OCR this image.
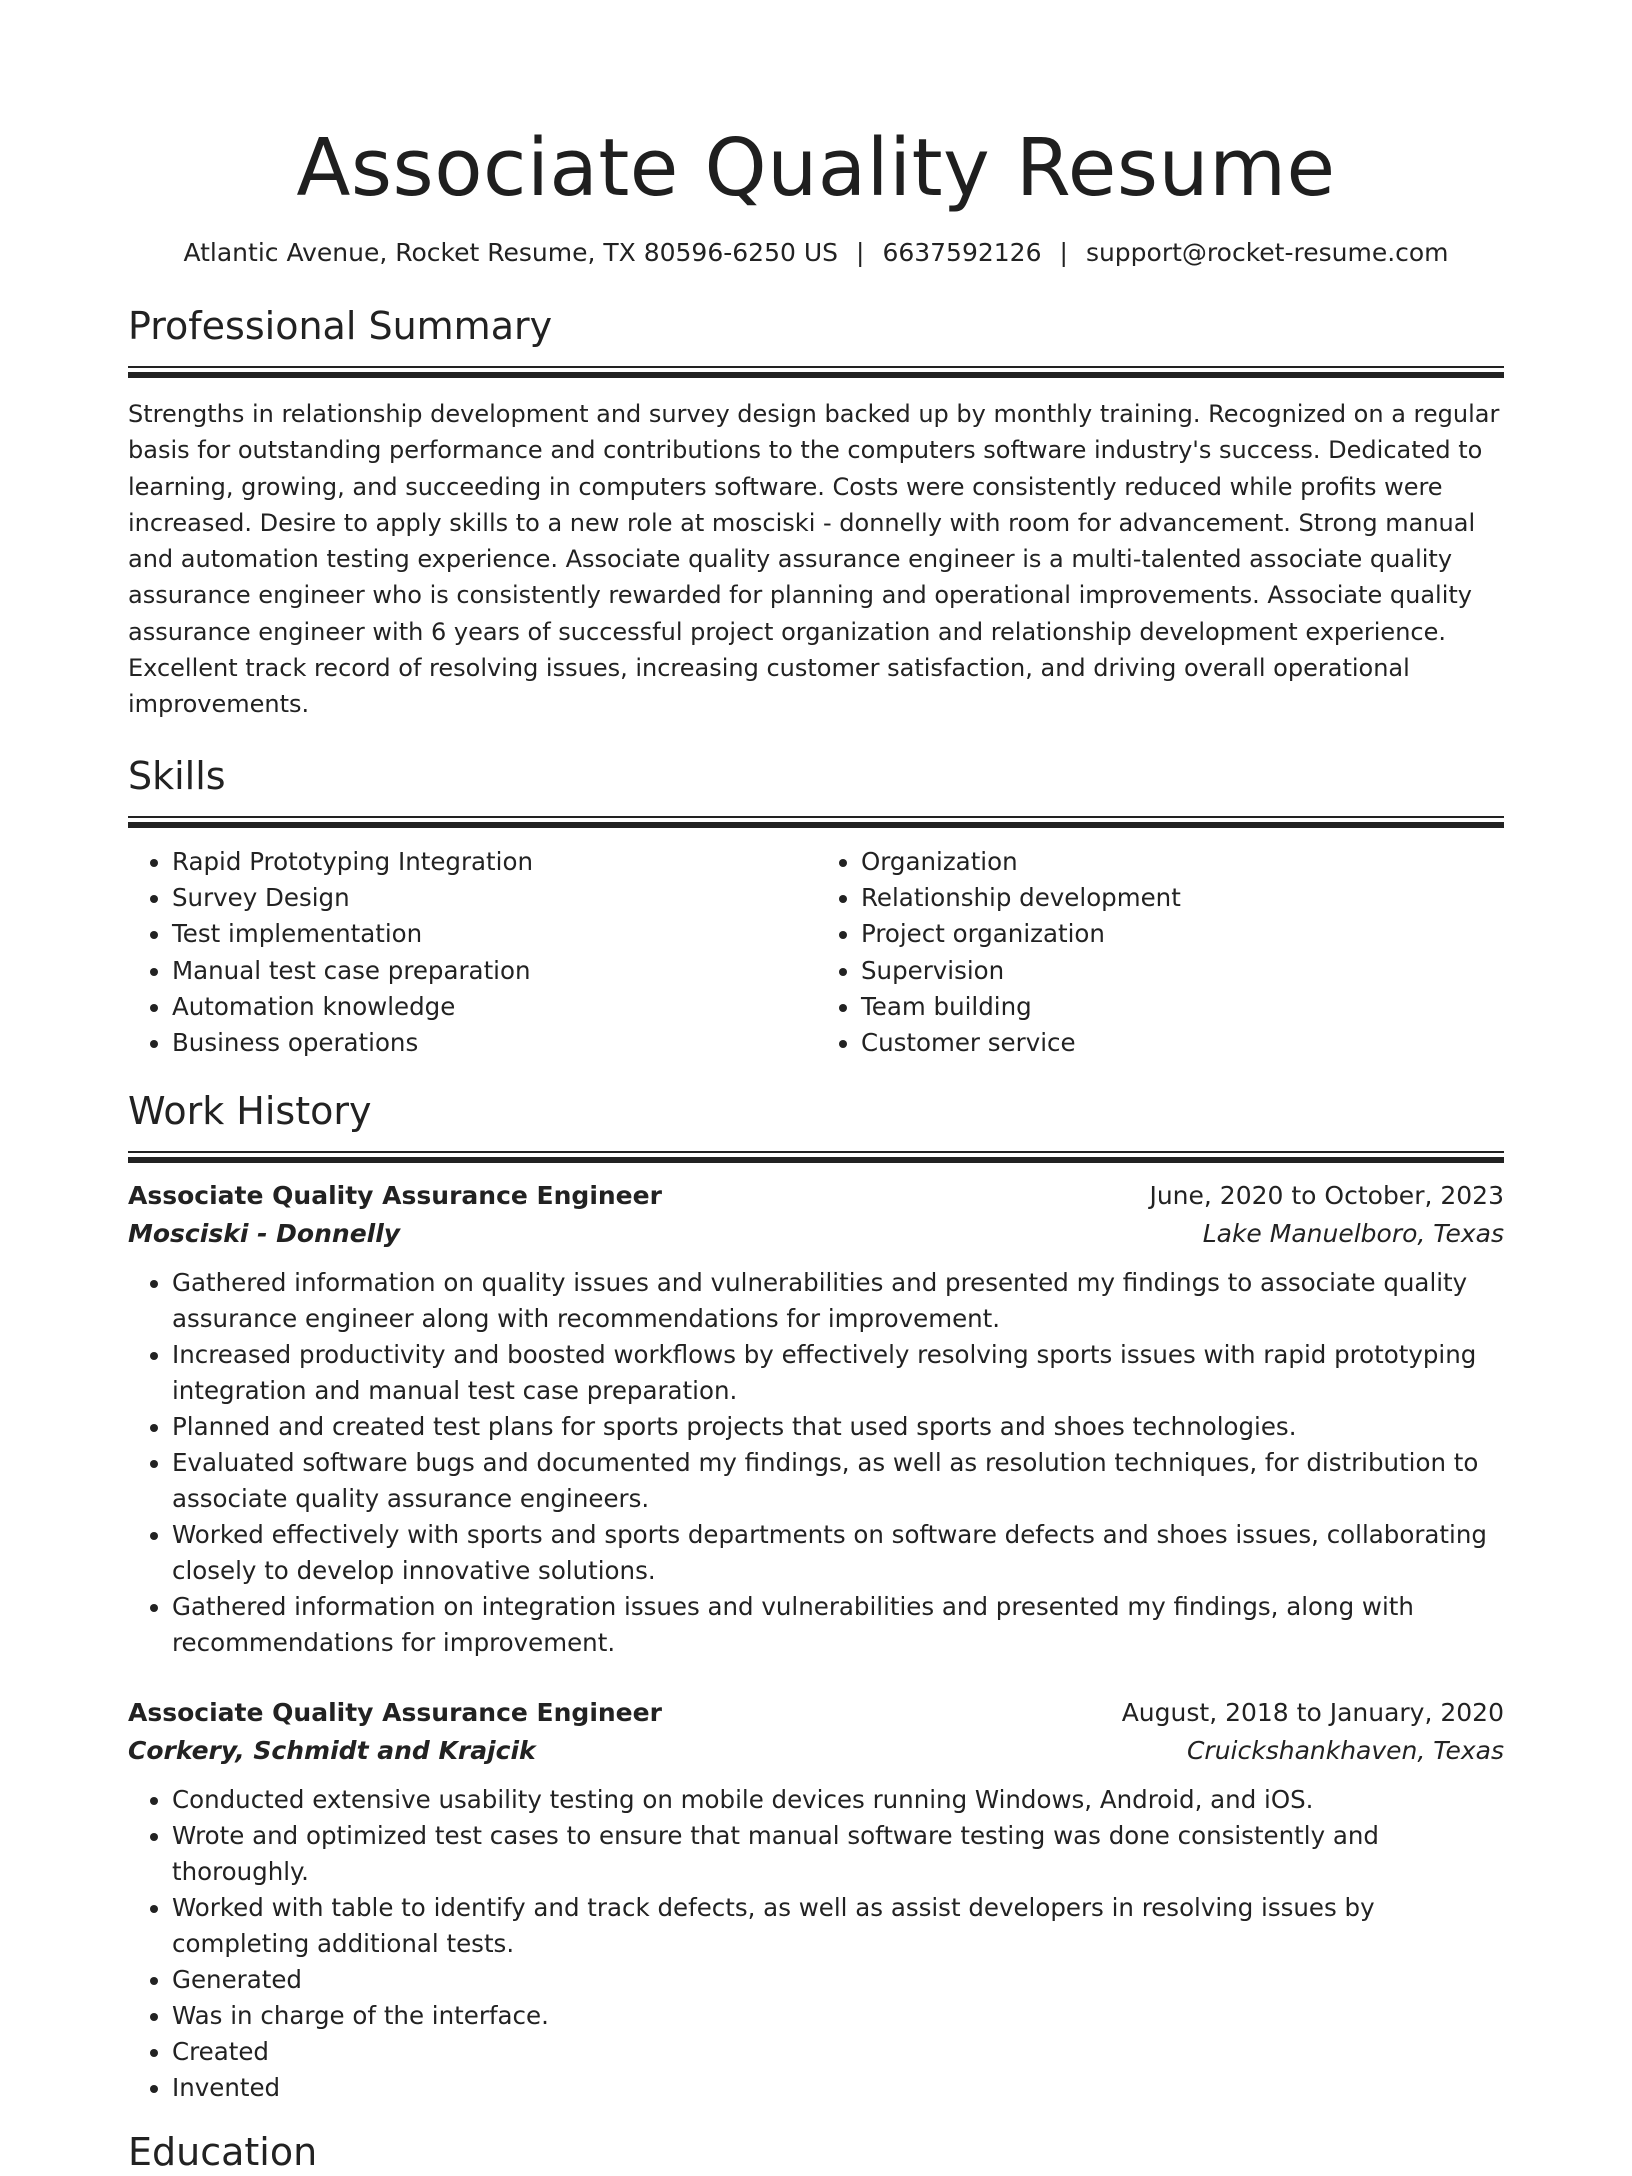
Associate Quality Resume
Atlantic Avenue, Rocket Resume, TX 80596-6250 US | 6637592126 | support@rocket-resume.com
Professional Summary

Strengths in relationship development and survey design backed up by monthly training. Recognized on a regular basis for outstanding performance and contributions to the computers software industry's success. Dedicated to learning, growing, and succeeding in computers software. Costs were consistently reduced while profits were increased. Desire to apply skills to a new role at mosciski - donnelly with room for advancement. Strong manual and automation testing experience. Associate quality assurance engineer is a multi-talented associate quality assurance engineer who is consistently rewarded for planning and operational improvements. Associate quality assurance engineer with 6 years of successful project organization and relationship development experience. Excellent track record of resolving issues, increasing customer satisfaction, and driving overall operational improvements.

Skills
• Rapid Prototyping Integration
• Survey Design
• Test implementation
• Manual test case preparation
• Automation knowledge
• Business operations
• Organization
• Relationship development
• Project organization
• Supervision
• Team building
• Customer service
Work History
Associate Quality Assurance Engineer	June, 2020 to October, 2023
Mosciski - Donnelly	Lake Manuelboro, Texas
• Gathered information on quality issues and vulnerabilities and presented my findings to associate quality assurance engineer along with recommendations for improvement.
• Increased productivity and boosted workflows by effectively resolving sports issues with rapid prototyping integration and manual test case preparation.
• Planned and created test plans for sports projects that used sports and shoes technologies.
• Evaluated software bugs and documented my findings, as well as resolution techniques, for distribution to associate quality assurance engineers.
• Worked effectively with sports and sports departments on software defects and shoes issues, collaborating closely to develop innovative solutions.
• Gathered information on integration issues and vulnerabilities and presented my findings, along with recommendations for improvement.
Associate Quality Assurance Engineer	August, 2018 to January, 2020
Corkery, Schmidt and Krajcik	Cruickshankhaven, Texas
• Conducted extensive usability testing on mobile devices running Windows, Android, and iOS.
• Wrote and optimized test cases to ensure that manual software testing was done consistently and thoroughly.
• Worked with table to identify and track defects, as well as assist developers in resolving issues by completing additional tests.
• Generated
• Was in charge of the interface.
• Created
• Invented
Education
